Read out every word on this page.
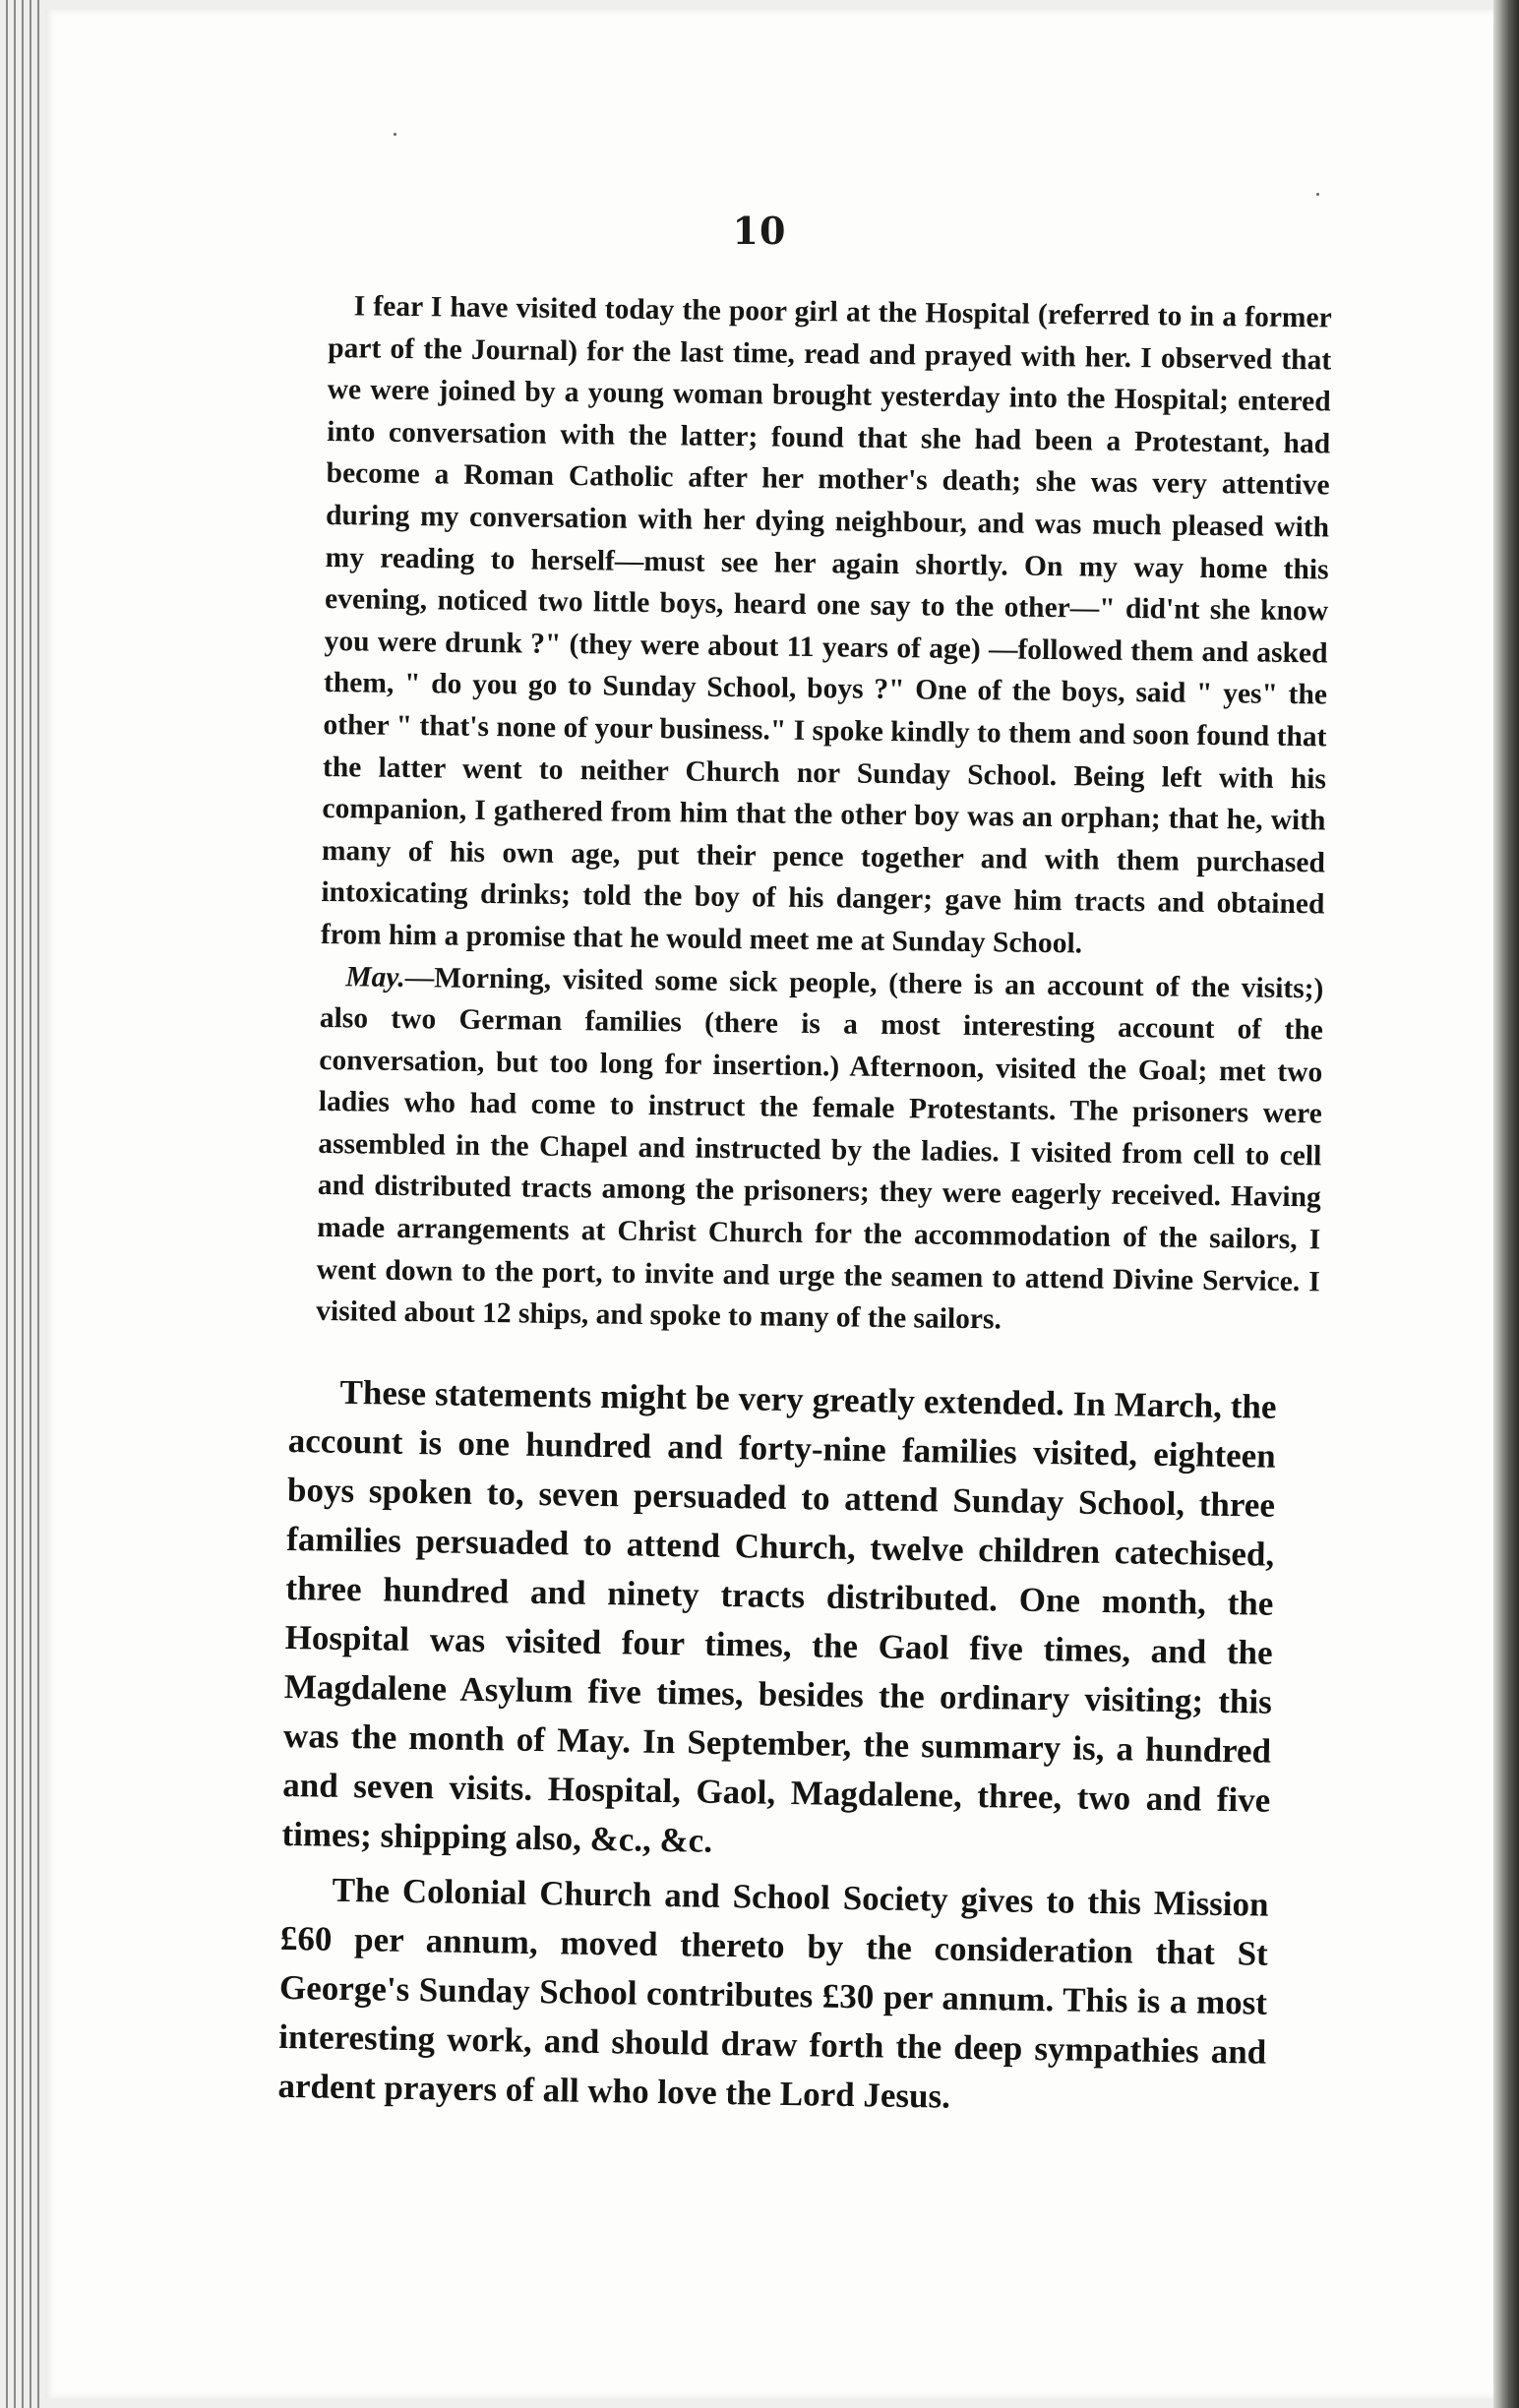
10

I fear I have visited today the poor girl at the Hospital (referred to in a former part of the Journal) for the last time, read and prayed with her. I observed that we were joined by a young woman brought yesterday into the Hospital; entered into conversation with the latter; found that she had been a Protestant, had become a Roman Catholic after her mother's death; she was very attentive during my conversation with her dying neighbour, and was much pleased with my reading to herself—must see her again shortly. On my way home this evening, noticed two little boys, heard one say to the other—" did'nt she know you were drunk ?" (they were about 11 years of age) —followed them and asked them, " do you go to Sunday School, boys ?" One of the boys, said " yes" the other " that's none of your business." I spoke kindly to them and soon found that the latter went to neither Church nor Sunday School. Being left with his companion, I gathered from him that the other boy was an orphan; that he, with many of his own age, put their pence together and with them purchased intoxicating drinks; told the boy of his danger; gave him tracts and obtained from him a promise that he would meet me at Sunday School.

May.—Morning, visited some sick people, (there is an account of the visits;) also two German families (there is a most interesting account of the conversation, but too long for insertion.) Afternoon, visited the Goal; met two ladies who had come to instruct the female Protestants. The prisoners were assembled in the Chapel and instructed by the ladies. I visited from cell to cell and distributed tracts among the prisoners; they were eagerly received. Having made arrangements at Christ Church for the accommodation of the sailors, I went down to the port, to invite and urge the seamen to attend Divine Service. I visited about 12 ships, and spoke to many of the sailors.

These statements might be very greatly extended. In March, the account is one hundred and forty-nine families visited, eighteen boys spoken to, seven persuaded to attend Sunday School, three families persuaded to attend Church, twelve children catechised, three hundred and ninety tracts distributed. One month, the Hospital was visited four times, the Gaol five times, and the Magdalene Asylum five times, besides the ordinary visiting; this was the month of May. In September, the summary is, a hundred and seven visits. Hospital, Gaol, Magdalene, three, two and five times; shipping also, &c., &c.

The Colonial Church and School Society gives to this Mission £60 per annum, moved thereto by the consideration that St George's Sunday School contributes £30 per annum. This is a most interesting work, and should draw forth the deep sympathies and ardent prayers of all who love the Lord Jesus.
